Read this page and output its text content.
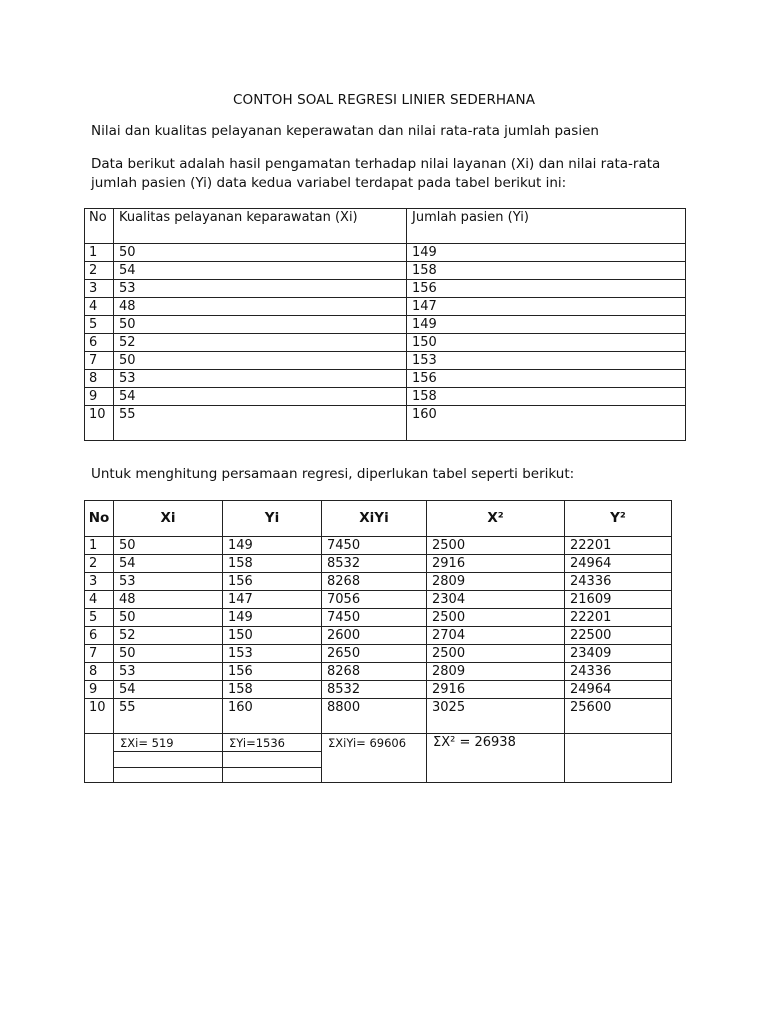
CONTOH SOAL REGRESI LINIER SEDERHANA
Nilai dan kualitas pelayanan keperawatan dan nilai rata-rata jumlah pasien
Data berikut adalah hasil pengamatan terhadap nilai layanan (Xi) dan nilai rata-rata jumlah pasien (Yi) data kedua variabel terdapat pada tabel berikut ini:
No	Kualitas pelayanan keparawatan (Xi)	Jumlah pasien (Yi)
1	50	149
2	54	158
3	53	156
4	48	147
5	50	149
6	52	150
7	50	153
8	53	156
9	54	158
10	55	160
Untuk menghitung persamaan regresi, diperlukan tabel seperti berikut:
No	Xi	Yi	XiYi	X²	Y²
1	50	149	7450	2500	22201
2	54	158	8532	2916	24964
3	53	156	8268	2809	24336
4	48	147	7056	2304	21609
5	50	149	7450	2500	22201
6	52	150	2600	2704	22500
7	50	153	2650	2500	23409
8	53	156	8268	2809	24336
9	54	158	8532	2916	24964
10	55	160	8800	3025	25600

	ΣXi= 519	ΣYi=1536	ΣXiYi= 69606	ΣX² = 26938	
